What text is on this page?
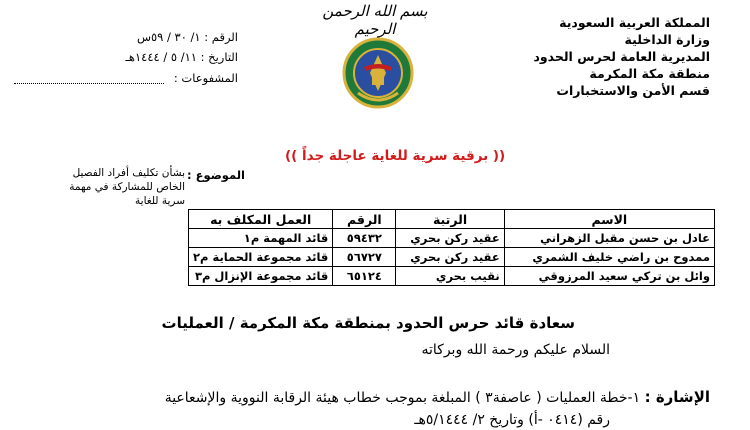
بسم الله الرحمن الرحيم	المملكة العربية السعودية
وزارة الداخلية
المديرية العامة لحرس الحدود
منطقة مكة المكرمة
قسم الأمن والاستخبارات
الرقم : ١/ ٣٠ / ٥٩س
التاريخ : ١١/ ٥ / ١٤٤٤هـ
المشفوعات :
(( برقية سرية للغاية عاجلة جداً ))
الموضوع :
بشأن تكليف أفراد الفصيل الخاص للمشاركة في مهمة سرية للغاية
الاسم	الرتبة	الرقم	العمل المكلف به
عادل بن حسن مقبل الزهراني	عقيد ركن بحري	٥٩٤٣٢	قائد المهمة م١
ممدوح بن راضي خليف الشمري	عقيد ركن بحري	٥٦٧٢٧	قائد مجموعة الحماية م٢
وائل بن تركي سعيد المرزوقي	نقيب بحري	٦٥١٢٤	قائد مجموعة الإنزال م٣
سعادة قائد حرس الحدود بمنطقة مكة المكرمة / العمليات
السلام عليكم ورحمة الله وبركاته
الإشارة : ١-خطة العمليات ( عاصفة٣ ) المبلغة بموجب خطاب هيئة الرقابة النووية والإشعاعية
رقم (٠٤١٤ -أ) وتاريخ ٢/ ٥/١٤٤٤هـ
